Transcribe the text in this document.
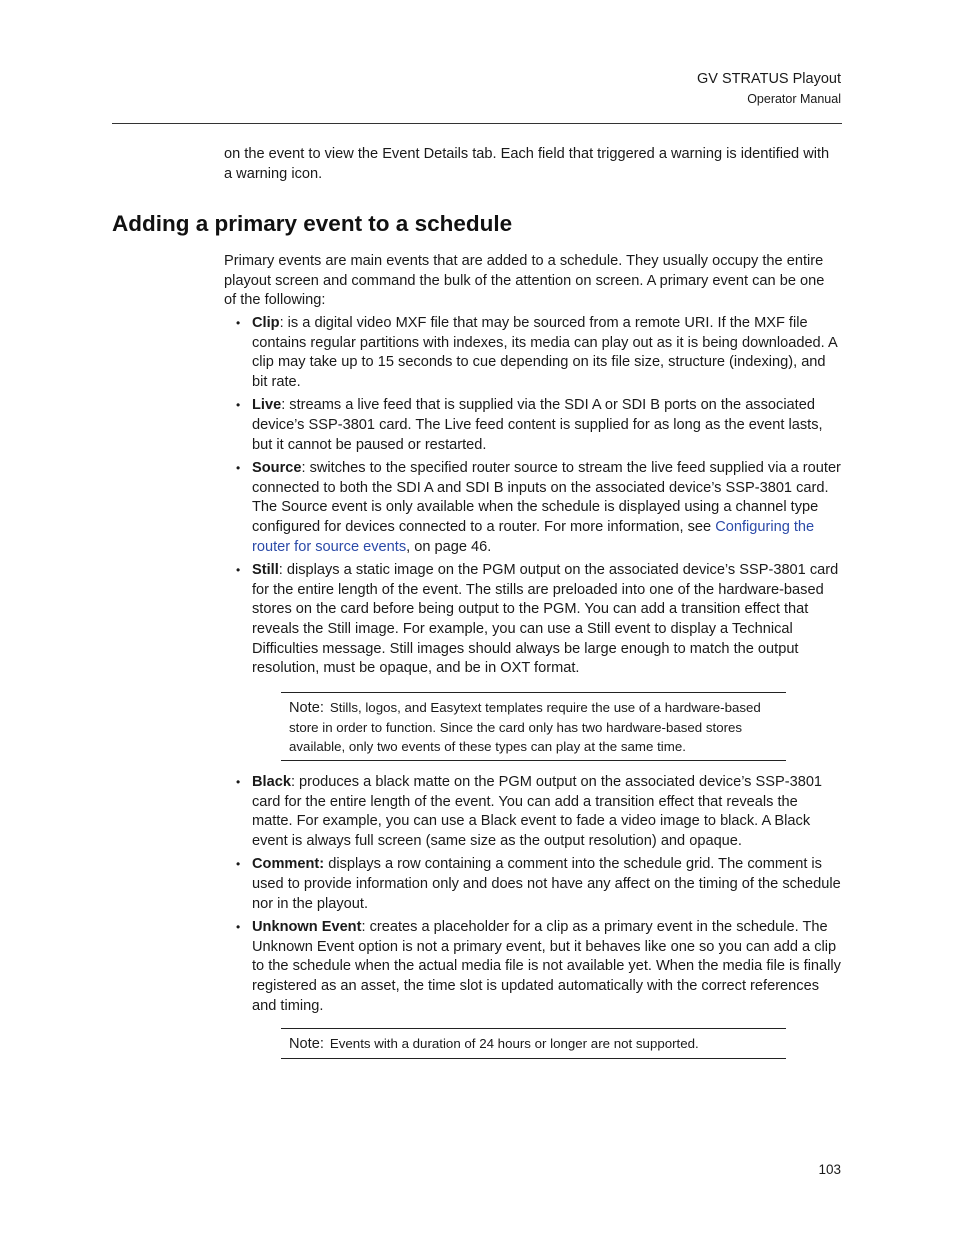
GV STRATUS Playout
Operator Manual
on the event to view the Event Details tab. Each field that triggered a warning is identified with a warning icon.
Adding a primary event to a schedule
Primary events are main events that are added to a schedule. They usually occupy the entire playout screen and command the bulk of the attention on screen. A primary event can be one of the following:
• Clip: is a digital video MXF file that may be sourced from a remote URI. If the MXF file contains regular partitions with indexes, its media can play out as it is being downloaded. A clip may take up to 15 seconds to cue depending on its file size, structure (indexing), and bit rate.
• Live: streams a live feed that is supplied via the SDI A or SDI B ports on the associated device’s SSP-3801 card. The Live feed content is supplied for as long as the event lasts, but it cannot be paused or restarted.
• Source: switches to the specified router source to stream the live feed supplied via a router connected to both the SDI A and SDI B inputs on the associated device’s SSP-3801 card. The Source event is only available when the schedule is displayed using a channel type configured for devices connected to a router. For more information, see Configuring the router for source events, on page 46.
• Still: displays a static image on the PGM output on the associated device’s SSP-3801 card for the entire length of the event. The stills are preloaded into one of the hardware-based stores on the card before being output to the PGM. You can add a transition effect that reveals the Still image. For example, you can use a Still event to display a Technical Difficulties message. Still images should always be large enough to match the output resolution, must be opaque, and be in OXT format.
Note: Stills, logos, and Easytext templates require the use of a hardware-based store in order to function. Since the card only has two hardware-based stores available, only two events of these types can play at the same time.
• Black: produces a black matte on the PGM output on the associated device’s SSP-3801 card for the entire length of the event. You can add a transition effect that reveals the matte. For example, you can use a Black event to fade a video image to black. A Black event is always full screen (same size as the output resolution) and opaque.
• Comment: displays a row containing a comment into the schedule grid. The comment is used to provide information only and does not have any affect on the timing of the schedule nor in the playout.
• Unknown Event: creates a placeholder for a clip as a primary event in the schedule. The Unknown Event option is not a primary event, but it behaves like one so you can add a clip to the schedule when the actual media file is not available yet. When the media file is finally registered as an asset, the time slot is updated automatically with the correct references and timing.
Note: Events with a duration of 24 hours or longer are not supported.
103
